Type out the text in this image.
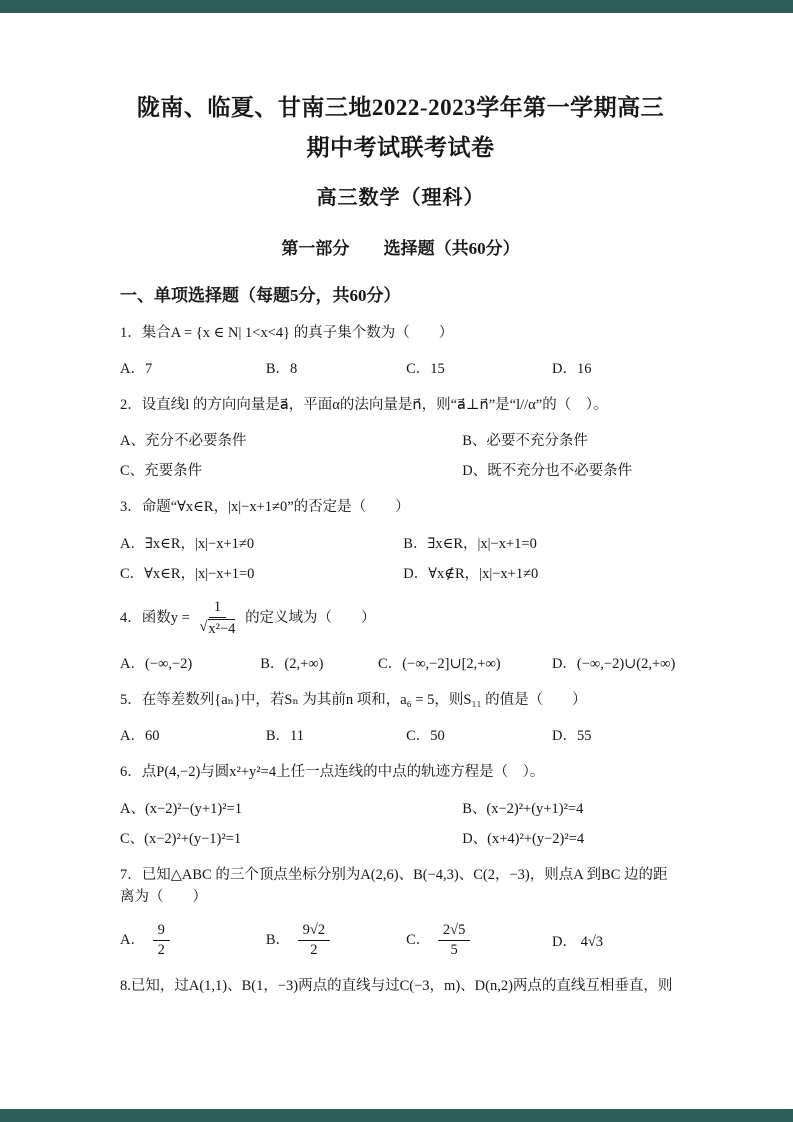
陇南、临夏、甘南三地2022-2023学年第一学期高三
期中考试联考试卷
高三数学（理科）
第一部分 选择题（共60分）
一、单项选择题（每题5分，共60分）

1．集合A = {x ∈ N| 1<x<4} 的真子集个数为（　　）

A．7	B．8	C．15	D．16

2．设直线l 的方向向量是a⃗，平面α的法向量是n⃗，则“a⃗⊥n⃗”是“l//α”的（　）。

A、充分不必要条件	B、必要不充分条件
C、充要条件	D、既不充分也不必要条件

3．命题“∀x∈R，|x|−x+1≠0”的否定是（　　）

A．∃x∈R，|x|−x+1≠0	B．∃x∈R，|x|−x+1=0
C．∀x∈R，|x|−x+1=0	D．∀x∉R，|x|−x+1≠0

4．函数$y = \frac{1}{\text{√ x²−4}}$ 的定义域为（　　）

A．(−∞,−2)	B．(2,+∞)	C．(−∞,−2]∪[2,+∞)	D．(−∞,−2)∪(2,+∞)

5．在等差数列{aₙ}中，若Sₙ 为其前n 项和，a₆ = 5，则S₁₁ 的值是（　　）

A．60	B．11	C．50	D．55

6．点P(4,−2)与圆x²+y²=4上任一点连线的中点的轨迹方程是（　）。

A、(x−2)²−(y+1)²=1	B、(x−2)²+(y+1)²=4
C、(x−2)²+(y−1)²=1	D、(x+4)²+(y−2)²=4

7．已知△ABC 的三个顶点坐标分别为A(2,6)、B(−4,3)、C(2，−3)，则点A 到BC 边的距离为（　　）

A． $\frac{9}{2}$	B． $\frac{9√2}{2}$	C． $\frac{2√5}{5}$	D． 4√3

8.已知，过A(1,1)、B(1，−3)两点的直线与过C(−3，m)、D(n,2)两点的直线互相垂直，则
